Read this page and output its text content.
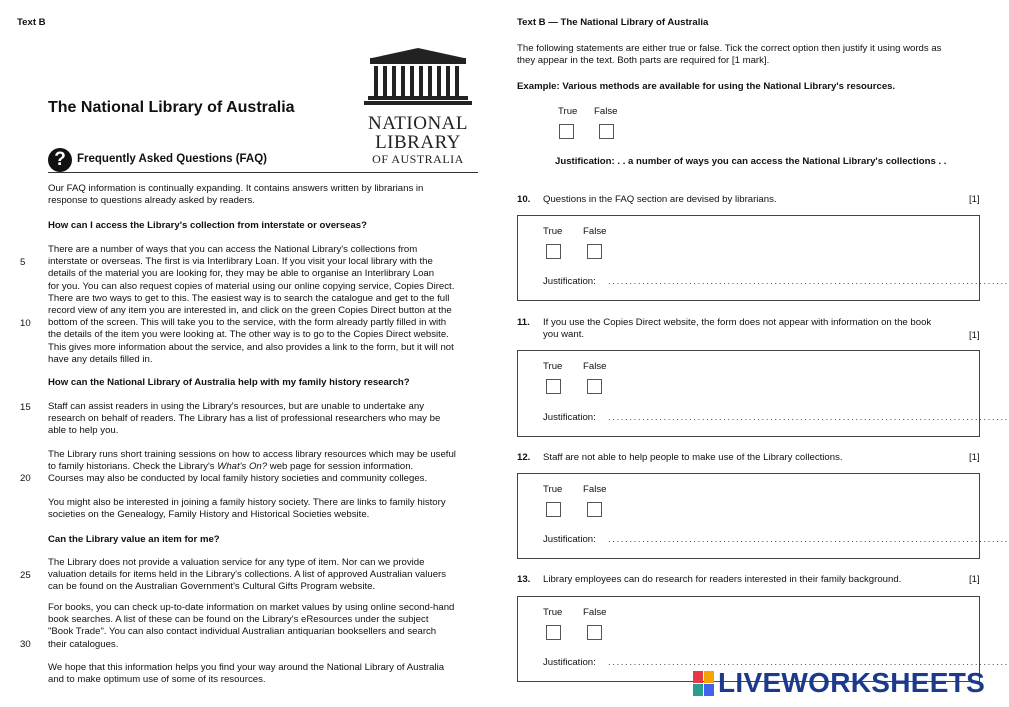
Text B
The National Library of Australia
NATIONAL
LIBRARY
OF AUSTRALIA
? Frequently Asked Questions (FAQ)
Our FAQ information is continually expanding. It contains answers written by librarians in
response to questions already asked by readers.
How can I access the Library's collection from interstate or overseas?
There are a number of ways that you can access the National Library's collections from
interstate or overseas. The first is via Interlibrary Loan. If you visit your local library with the
details of the material you are looking for, they may be able to organise an Interlibrary Loan
for you. You can also request copies of material using our online copying service, Copies Direct.
There are two ways to get to this. The easiest way is to search the catalogue and get to the full
record view of any item you are interested in, and click on the green Copies Direct button at the
bottom of the screen. This will take you to the service, with the form already partly filled in with
the details of the item you were looking at. The other way is to go to the Copies Direct website.
This gives more information about the service, and also provides a link to the form, but it will not
have any details filled in.
How can the National Library of Australia help with my family history research?
Staff can assist readers in using the Library's resources, but are unable to undertake any
research on behalf of readers. The Library has a list of professional researchers who may be
able to help you.
The Library runs short training sessions on how to access library resources which may be useful
to family historians. Check the Library's What's On? web page for session information.
Courses may also be conducted by local family history societies and community colleges.
You might also be interested in joining a family history society. There are links to family history
societies on the Genealogy, Family History and Historical Societies website.
Can the Library value an item for me?
The Library does not provide a valuation service for any type of item. Nor can we provide
valuation details for items held in the Library's collections. A list of approved Australian valuers
can be found on the Australian Government's Cultural Gifts Program website.
For books, you can check up-to-date information on market values by using online second-hand
book searches. A list of these can be found on the Library's eResources under the subject
"Book Trade". You can also contact individual Australian antiquarian booksellers and search
their catalogues.
We hope that this information helps you find your way around the National Library of Australia
and to make optimum use of some of its resources.
5
10
15
20
25
30
Text B — The National Library of Australia
The following statements are either true or false. Tick the correct option then justify it using words as
they appear in the text. Both parts are required for [1 mark].
Example: Various methods are available for using the National Library's resources.
True False
Justification: . . a number of ways you can access the National Library's collections . .
10. Questions in the FAQ section are devised by librarians.	[1]
True False
Justification: ..............................................................................................
11. If you use the Copies Direct website, the form does not appear with information on the book
you want.	[1]
True False
Justification: ..............................................................................................
12. Staff are not able to help people to make use of the Library collections.	[1]
True False
Justification: ..............................................................................................
13. Library employees can do research for readers interested in their family background.	[1]
True False
Justification: ..............................................................................................
LIVEWORKSHEETS
